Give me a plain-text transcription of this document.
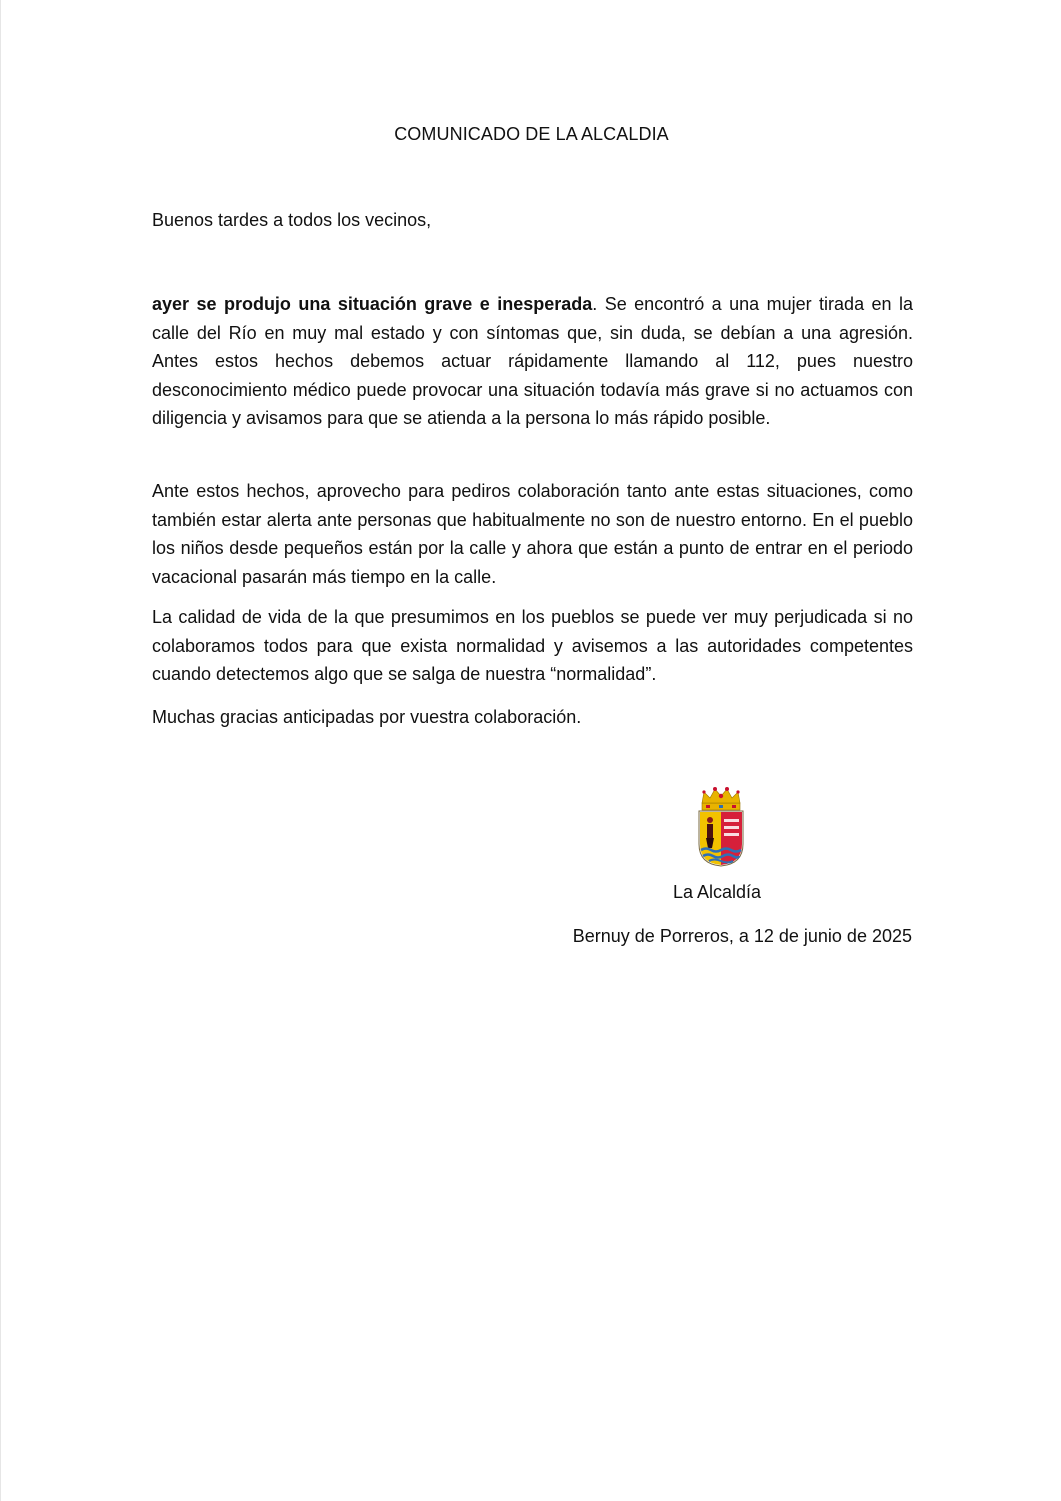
COMUNICADO DE LA ALCALDIA
Buenos tardes a todos los vecinos,
ayer se produjo una situación grave e inesperada. Se encontró a una mujer tirada en la calle del Río en muy mal estado y con síntomas que, sin duda, se debían a una agresión. Antes estos hechos debemos actuar rápidamente llamando al 112, pues nuestro desconocimiento médico puede provocar una situación todavía más grave si no actuamos con diligencia y avisamos para que se atienda a la persona lo más rápido posible.
Ante estos hechos, aprovecho para pediros colaboración tanto ante estas situaciones, como también estar alerta ante personas que habitualmente no son de nuestro entorno. En el pueblo los niños desde pequeños están por la calle y ahora que están a punto de entrar en el periodo vacacional pasarán más tiempo en la calle.
La calidad de vida de la que presumimos en los pueblos se puede ver muy perjudicada si no colaboramos todos para que exista normalidad y avisemos a las autoridades competentes cuando detectemos algo que se salga de nuestra “normalidad”.
Muchas gracias anticipadas por vuestra colaboración.
La Alcaldía
Bernuy de Porreros, a 12 de junio de 2025
